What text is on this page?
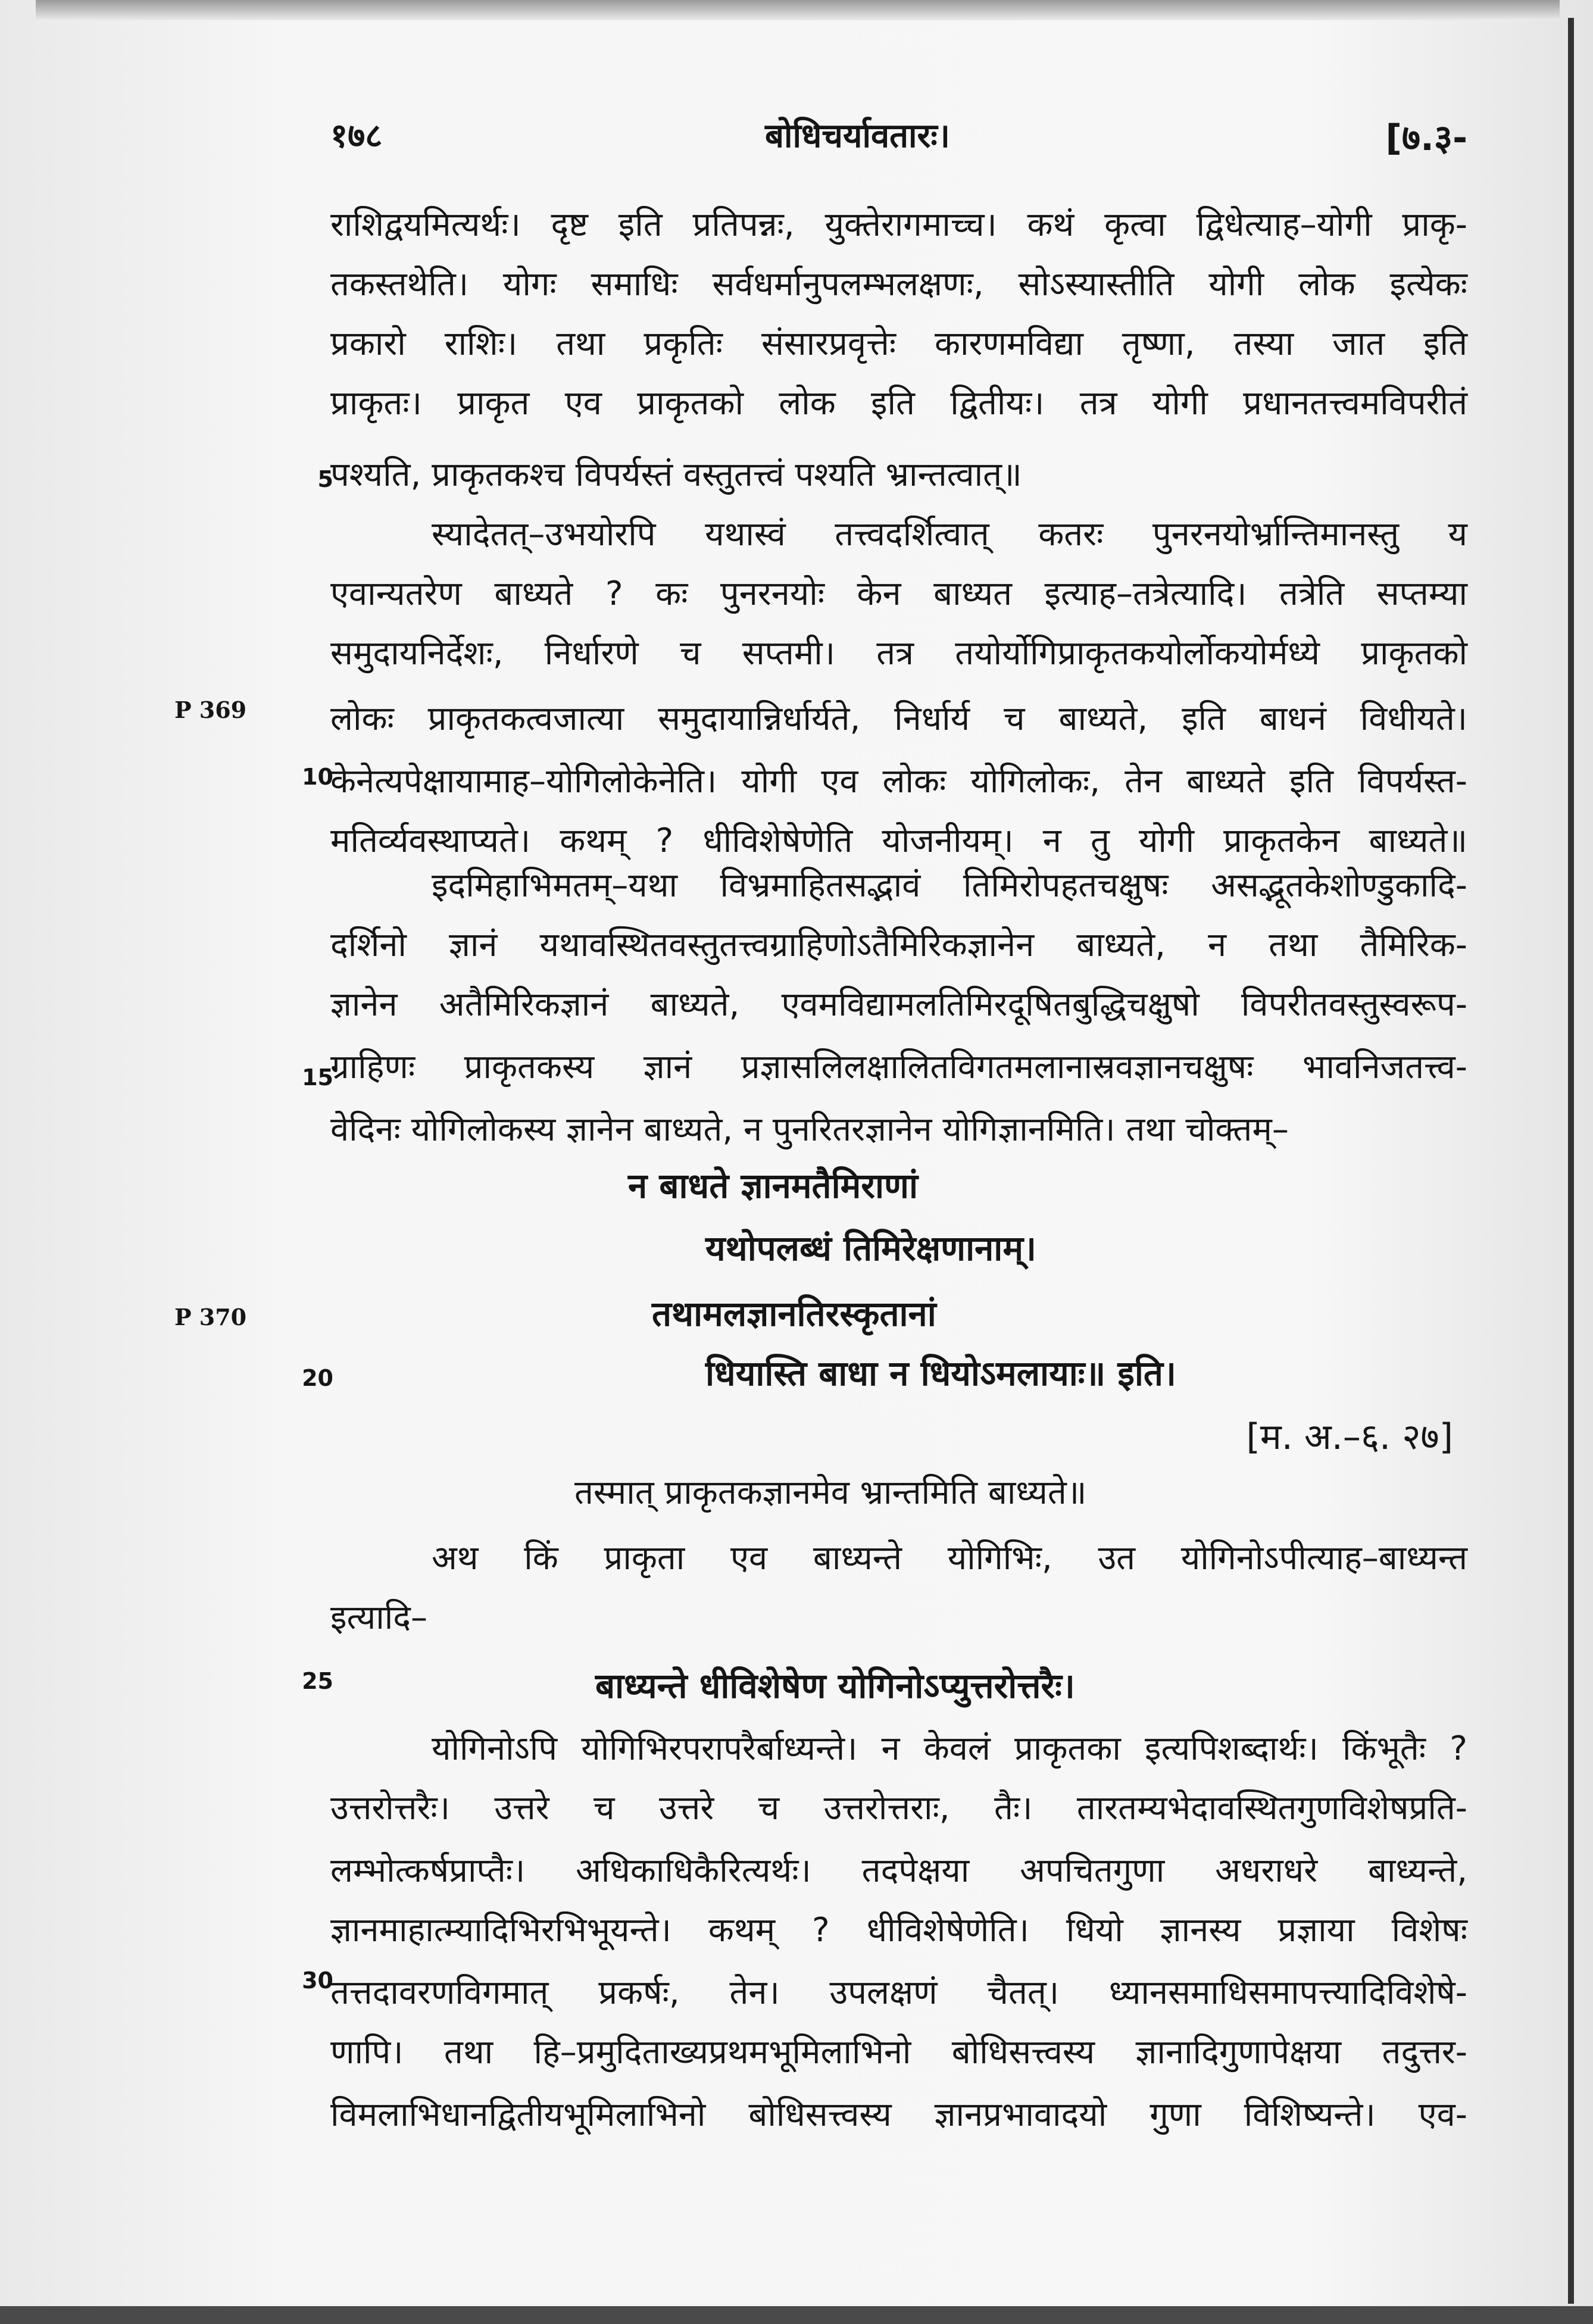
१७८	बोधिचर्यावतारः।	[७.३-
P 369
P 370
5
10
15
20
25
30
राशिद्वयमित्यर्थः। दृष्ट इति प्रतिपन्नः, युक्तेरागमाच्च। कथं कृत्वा द्विधेत्याह–योगी प्राकृ-
तकस्तथेति। योगः समाधिः सर्वधर्मानुपलम्भलक्षणः, सोऽस्यास्तीति योगी लोक इत्येकः
प्रकारो राशिः। तथा प्रकृतिः संसारप्रवृत्तेः कारणमविद्या तृष्णा, तस्या जात इति
प्राकृतः। प्राकृत एव प्राकृतको लोक इति द्वितीयः। तत्र योगी प्रधानतत्त्वमविपरीतं
पश्यति, प्राकृतकश्च विपर्यस्तं वस्तुतत्त्वं पश्यति भ्रान्तत्वात्॥
स्यादेतत्–उभयोरपि यथास्वं तत्त्वदर्शित्वात् कतरः पुनरनयोर्भ्रान्तिमानस्तु य
एवान्यतरेण बाध्यते ? कः पुनरनयोः केन बाध्यत इत्याह–तत्रेत्यादि। तत्रेति सप्तम्या
समुदायनिर्देशः, निर्धारणे च सप्तमी। तत्र तयोर्योगिप्राकृतकयोर्लोकयोर्मध्ये प्राकृतको
लोकः प्राकृतकत्वजात्या समुदायान्निर्धार्यते, निर्धार्य च बाध्यते, इति बाधनं विधीयते।
केनेत्यपेक्षायामाह–योगिलोकेनेति। योगी एव लोकः योगिलोकः, तेन बाध्यते इति विपर्यस्त-
मतिर्व्यवस्थाप्यते। कथम् ? धीविशेषेणेति योजनीयम्। न तु योगी प्राकृतकेन बाध्यते॥
इदमिहाभिमतम्–यथा विभ्रमाहितसद्भावं तिमिरोपहतचक्षुषः असद्भूतकेशोण्डुकादि-
दर्शिनो ज्ञानं यथावस्थितवस्तुतत्त्वग्राहिणोऽतैमिरिकज्ञानेन बाध्यते, न तथा तैमिरिक-
ज्ञानेन अतैमिरिकज्ञानं बाध्यते, एवमविद्यामलतिमिरदूषितबुद्धिचक्षुषो विपरीतवस्तुस्वरूप-
ग्राहिणः प्राकृतकस्य ज्ञानं प्रज्ञासलिलक्षालितविगतमलानास्रवज्ञानचक्षुषः भावनिजतत्त्व-
वेदिनः योगिलोकस्य ज्ञानेन बाध्यते, न पुनरितरज्ञानेन योगिज्ञानमिति। तथा चोक्तम्–
न बाधते ज्ञानमतैमिराणां
यथोपलब्धं तिमिरेक्षणानाम्।
तथामलज्ञानतिरस्कृतानां
धियास्ति बाधा न धियोऽमलायाः॥ इति।
[म. अ.–६. २७]
तस्मात् प्राकृतकज्ञानमेव भ्रान्तमिति बाध्यते॥
अथ किं प्राकृता एव बाध्यन्ते योगिभिः, उत योगिनोऽपीत्याह–बाध्यन्त
इत्यादि–
बाध्यन्ते धीविशेषेण योगिनोऽप्युत्तरोत्तरैः।
योगिनोऽपि योगिभिरपरापरैर्बाध्यन्ते। न केवलं प्राकृतका इत्यपिशब्दार्थः। किंभूतैः ?
उत्तरोत्तरैः। उत्तरे च उत्तरे च उत्तरोत्तराः, तैः। तारतम्यभेदावस्थितगुणविशेषप्रति-
लम्भोत्कर्षप्राप्तैः। अधिकाधिकैरित्यर्थः। तदपेक्षया अपचितगुणा अधराधरे बाध्यन्ते,
ज्ञानमाहात्म्यादिभिरभिभूयन्ते। कथम् ? धीविशेषेणेति। धियो ज्ञानस्य प्रज्ञाया विशेषः
तत्तदावरणविगमात् प्रकर्षः, तेन। उपलक्षणं चैतत्। ध्यानसमाधिसमापत्त्यादिविशेषे-
णापि। तथा हि–प्रमुदिताख्यप्रथमभूमिलाभिनो बोधिसत्त्वस्य ज्ञानादिगुणापेक्षया तदुत्तर-
विमलाभिधानद्वितीयभूमिलाभिनो बोधिसत्त्वस्य ज्ञानप्रभावादयो गुणा विशिष्यन्ते। एव-
